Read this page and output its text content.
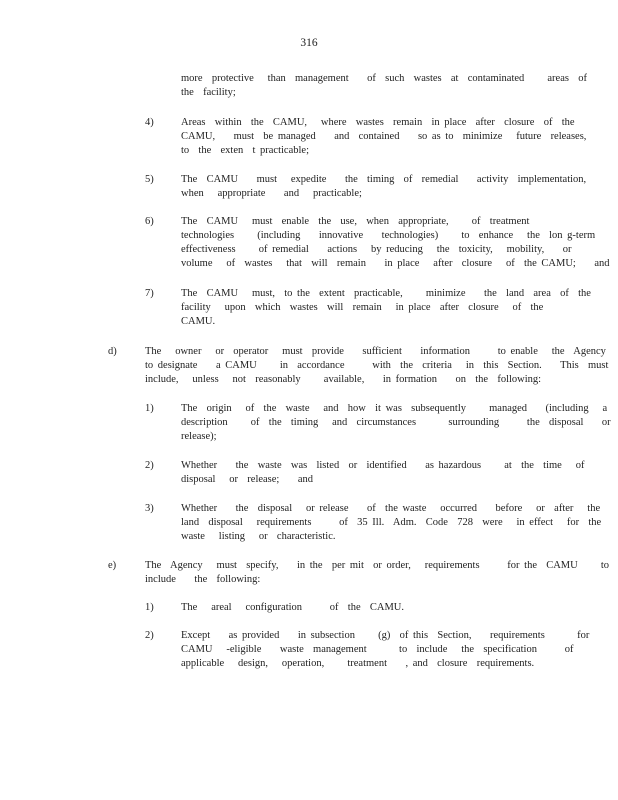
316
more  protective   than  management    of  such  wastes  at  contaminated     areas  of
the  facility;
4)	Areas  within  the  CAMU,   where  wastes  remain  in place  after  closure  of  the
CAMU,    must  be managed    and  contained    so as to  minimize   future  releases,
to  the  exten  t practicable;
5)	The  CAMU    must   expedite    the  timing  of  remedial    activity  implementation,
when   appropriate    and   practicable;
6)	The  CAMU   must  enable  the  use,  when  appropriate,     of  treatment
technologies     (including    innovative    technologies)     to  enhance   the  lon g-term
effectiveness     of remedial    actions   by reducing   the  toxicity,   mobility,    or
volume   of  wastes   that  will  remain    in place   after  closure   of  the CAMU;    and
7)	The  CAMU   must,  to the  extent  practicable,     minimize    the  land  area  of  the
facility   upon  which  wastes  will  remain   in place  after  closure   of  the
CAMU.
d)	The   owner   or  operator   must  provide    sufficient    information      to enable   the  Agency
to designate    a CAMU     in  accordance      with  the  criteria   in  this  Section.    This  must
include,   unless   not  reasonably     available,    in formation    on  the  following:
1)	The  origin   of  the  waste   and  how  it was  subsequently     managed    (including   a
description     of  the  timing   and  circumstances       surrounding      the  disposal    or
release);
2)	Whether    the  waste  was  listed  or  identified    as hazardous     at  the  time   of
disposal   or  release;    and
3)	Whether    the  disposal   or release    of  the waste   occurred    before   or  after   the
land  disposal   requirements      of  35 Ill.  Adm.  Code  728  were   in effect   for  the
waste   listing   or  characteristic.
e)	The  Agency   must  specify,    in the  per mit  or order,   requirements      for the  CAMU     to
include    the  following:
1)	The   areal   configuration      of  the  CAMU.
2)	Except    as provided    in subsection     (g)  of this  Section,    requirements       for
CAMU   -eligible    waste  management       to  include   the  specification      of
applicable   design,   operation,     treatment    , and  closure  requirements.
